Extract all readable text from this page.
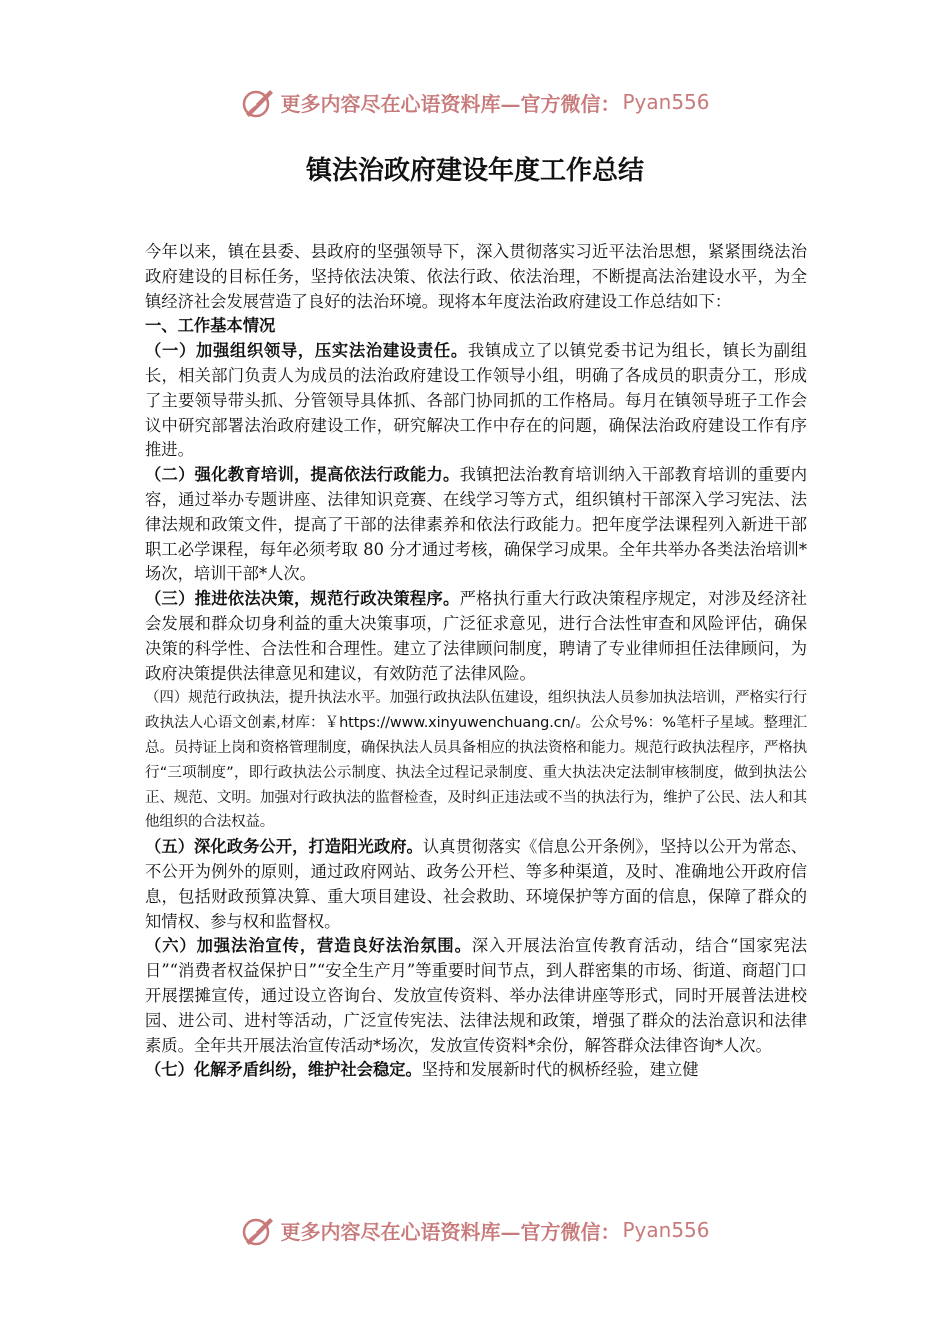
更多内容尽在心语资料库—官方微信： Pyan556
镇法治政府建设年度工作总结

今年以来，镇在县委、县政府的坚强领导下，深入贯彻落实习近平法治思想，紧紧围绕法治政府建设的目标任务，坚持依法决策、依法行政、依法治理，不断提高法治建设水平，为全镇经济社会发展营造了良好的法治环境。现将本年度法治政府建设工作总结如下：

一、工作基本情况

（一）加强组织领导，压实法治建设责任。我镇成立了以镇党委书记为组长，镇长为副组长，相关部门负责人为成员的法治政府建设工作领导小组，明确了各成员的职责分工，形成了主要领导带头抓、分管领导具体抓、各部门协同抓的工作格局。每月在镇领导班子工作会议中研究部署法治政府建设工作，研究解决工作中存在的问题，确保法治政府建设工作有序推进。

（二）强化教育培训，提高依法行政能力。我镇把法治教育培训纳入干部教育培训的重要内容，通过举办专题讲座、法律知识竞赛、在线学习等方式，组织镇村干部深入学习宪法、法律法规和政策文件，提高了干部的法律素养和依法行政能力。把年度学法课程列入新进干部职工必学课程，每年必须考取 80 分才通过考核，确保学习成果。全年共举办各类法治培训*场次，培训干部*人次。

（三）推进依法决策，规范行政决策程序。严格执行重大行政决策程序规定，对涉及经济社会发展和群众切身利益的重大决策事项，广泛征求意见，进行合法性审查和风险评估，确保决策的科学性、合法性和合理性。建立了法律顾问制度，聘请了专业律师担任法律顾问，为政府决策提供法律意见和建议，有效防范了法律风险。

（四）规范行政执法，提升执法水平。加强行政执法队伍建设，组织执法人员参加执法培训，严格实行行政执法人心语文创素,材库：￥https://www.xinyuwenchuang.cn/。公众号%：%笔杆子星域。整理汇总。员持证上岗和资格管理制度，确保执法人员具备相应的执法资格和能力。规范行政执法程序，严格执行“三项制度”，即行政执法公示制度、执法全过程记录制度、重大执法决定法制审核制度，做到执法公正、规范、文明。加强对行政执法的监督检查，及时纠正违法或不当的执法行为，维护了公民、法人和其他组织的合法权益。

（五）深化政务公开，打造阳光政府。认真贯彻落实《信息公开条例》，坚持以公开为常态、不公开为例外的原则，通过政府网站、政务公开栏、等多种渠道，及时、准确地公开政府信息，包括财政预算决算、重大项目建设、社会救助、环境保护等方面的信息，保障了群众的知情权、参与权和监督权。

（六）加强法治宣传，营造良好法治氛围。深入开展法治宣传教育活动，结合“国家宪法日”“消费者权益保护日”“安全生产月”等重要时间节点，到人群密集的市场、街道、商超门口开展摆摊宣传，通过设立咨询台、发放宣传资料、举办法律讲座等形式，同时开展普法进校园、进公司、进村等活动，广泛宣传宪法、法律法规和政策，增强了群众的法治意识和法律素质。全年共开展法治宣传活动*场次，发放宣传资料*余份，解答群众法律咨询*人次。

（七）化解矛盾纠纷，维护社会稳定。坚持和发展新时代的枫桥经验，建立健

更多内容尽在心语资料库—官方微信： Pyan556
